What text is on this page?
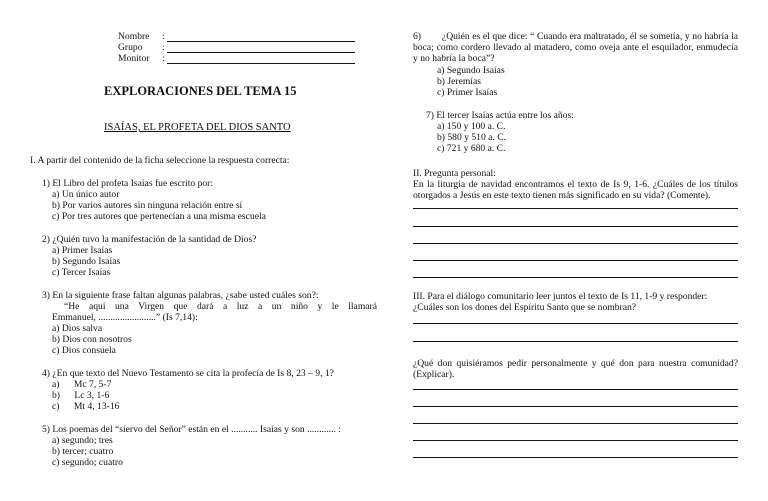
Nombre :
Grupo :
Monitor :
EXPLORACIONES DEL TEMA 15
ISAÍAS, EL PROFETA DEL DIOS SANTO
I. A partir del contenido de la ficha seleccione la respuesta correcta:
1) El Libro del profeta Isaías fue escrito por:
a) Un único autor
b) Por varios autores sin ninguna relación entre sí
c) Por tres autores que pertenecían a una misma escuela
2) ¿Quién tuvo la manifestación de la santidad de Dios?
a) Primer Isaías
b) Segundo Isaías
c) Tercer Isaías
3) En la siguiente frase faltan algunas palabras, ¿sabe usted cuáles son?:
“He aquí una Virgen que dará a luz a un niño y le llamará
Emmanuel, ........................” (Is 7,14):
a) Dios salva
b) Dios con nosotros
c) Dios consuela
4) ¿En que texto del Nuevo Testamento se cita la profecía de Is 8, 23 – 9, 1?
a)      Mc 7, 5-7
b)      Lc 3, 1-6
c)      Mt 4, 13-16
5) Los poemas del “siervo del Señor” están en el ........... Isaías y son ............ :
a) segundo; tres
b) tercer; cuatro
c) segundo; cuatro
6)        ¿Quién es el que dice: “ Cuando era maltratado, él se sometía, y no habría la boca; como cordero llevado al matadero, como oveja ante el esquilador, enmudecía y no habría la boca”?
a) Segundo Isaías
b) Jeremías
c) Primer Isaías
7) El tercer Isaías actúa entre los años:
a) 150 y 100 a. C.
b) 580 y 510 a. C.
c) 721 y 680 a. C.
II. Pregunta personal:
En la liturgia de navidad encontramos el texto de Is 9, 1-6. ¿Cuáles de los títulos otorgados a Jesús en este texto tienen más significado en su vida? (Comente).
III. Para el diálogo comunitario leer juntos el texto de Is 11, 1-9 y responder:
¿Cuáles son los dones del Espíritu Santo que se nombran?
¿Qué don quisiéramos pedir personalmente y qué don para nuestra comunidad? (Explicar).
